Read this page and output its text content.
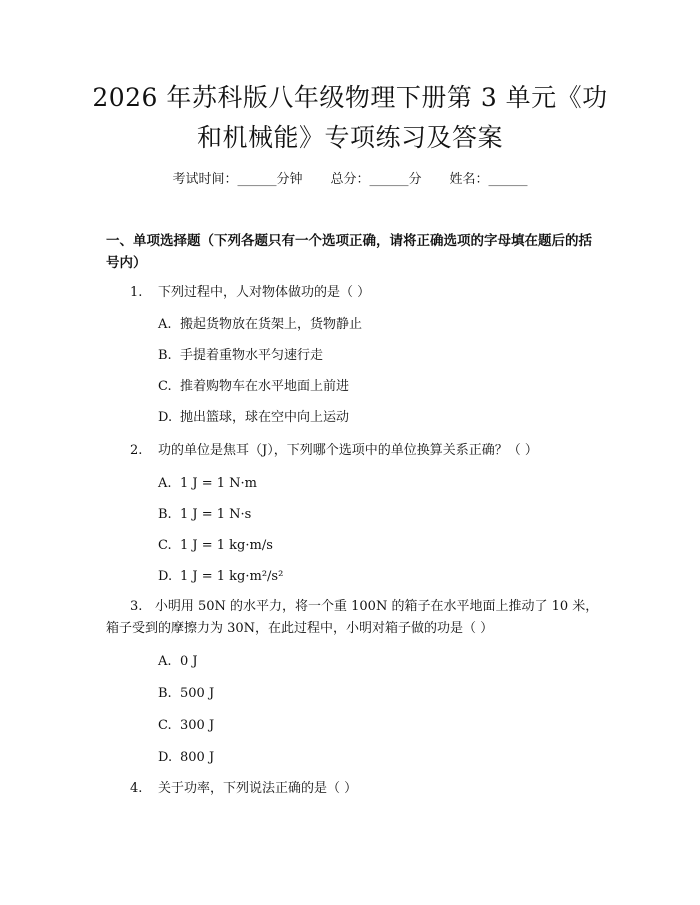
2026 年苏科版八年级物理下册第 3 单元《功
和机械能》专项练习及答案
考试时间：______分钟 总分：______分 姓名：______
一、单项选择题（下列各题只有一个选项正确，请将正确选项的字母填在题后的括号内）
1. 下列过程中，人对物体做功的是（ ）
A. 搬起货物放在货架上，货物静止
B. 手提着重物水平匀速行走
C. 推着购物车在水平地面上前进
D. 抛出篮球，球在空中向上运动
2. 功的单位是焦耳（J），下列哪个选项中的单位换算关系正确？（ ）
A. 1 J = 1 N·m
B. 1 J = 1 N·s
C. 1 J = 1 kg·m/s
D. 1 J = 1 kg·m²/s²
3. 小明用 50N 的水平力，将一个重 100N 的箱子在水平地面上推动了 10 米，箱子受到的摩擦力为 30N，在此过程中，小明对箱子做的功是（ ）
A. 0 J
B. 500 J
C. 300 J
D. 800 J
4. 关于功率，下列说法正确的是（ ）
